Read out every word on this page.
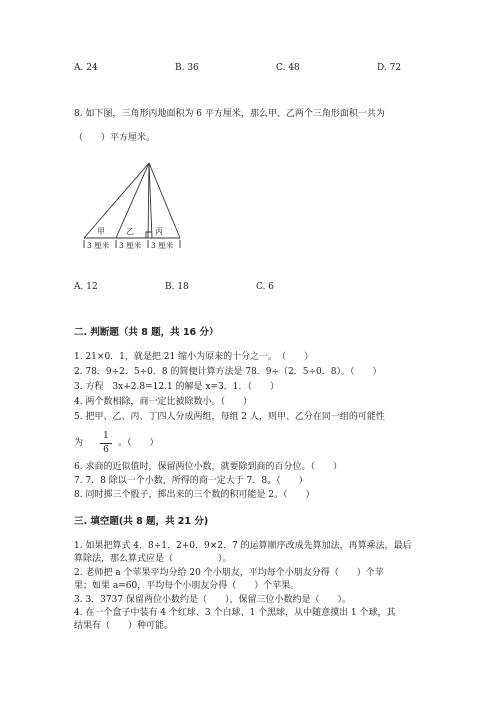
A. 24	B. 36	C. 48	D. 72
8. 如下图，三角形丙地面积为 6 平方厘米，那么甲、乙两个三角形面积一共为
（　　）平方厘米。
甲	乙	丙
3 厘米 3 厘米 3 厘米
A. 12	B. 18	C. 6
二. 判断题（共 8 题，共 16 分）
1. 21×0．1，就是把 21 缩小为原来的十分之一。　（　　）
2. 78．9÷2．5÷0．8 的简便计算方法是 78．9÷（2．5÷0．8）。（　　）
3. 方程　3x+2.8=12.1 的解是 x=3．1．（　　）
4. 两个数相除，商一定比被除数小。（　　）
5. 把甲、乙、丙、丁四人分成两组，每组 2 人，则甲、乙分在同一组的可能性
为
1
6
。（　　）
6. 求商的近似值时，保留两位小数，就要除到商的百分位。（　　）
7. 7．8 除以一个小数，所得的商一定大于 7．8。（　　）
8. 同时掷三个骰子，掷出来的三个数的积可能是 2。（　　）
三. 填空题(共 8 题，共 21 分)
1. 如果把算式 4．8÷1．2+0．9×2．7 的运算顺序改成先算加法，再算乘法，最后
算除法，那么算式应是（　　　　　）。
2. 老师把 a 个苹果平均分给 20 个小朋友，平均每个小朋友分得（　　）个苹
果；如果 a=60，平均每个小朋友分得（　　）个苹果。
3. 3．3737 保留两位小数约是（　　），保留三位小数约是（　　）。
4. 在一个盒子中装有 4 个红球、3 个白球、1 个黑球，从中随意摸出 1 个球，其
结果有（　　）种可能。
